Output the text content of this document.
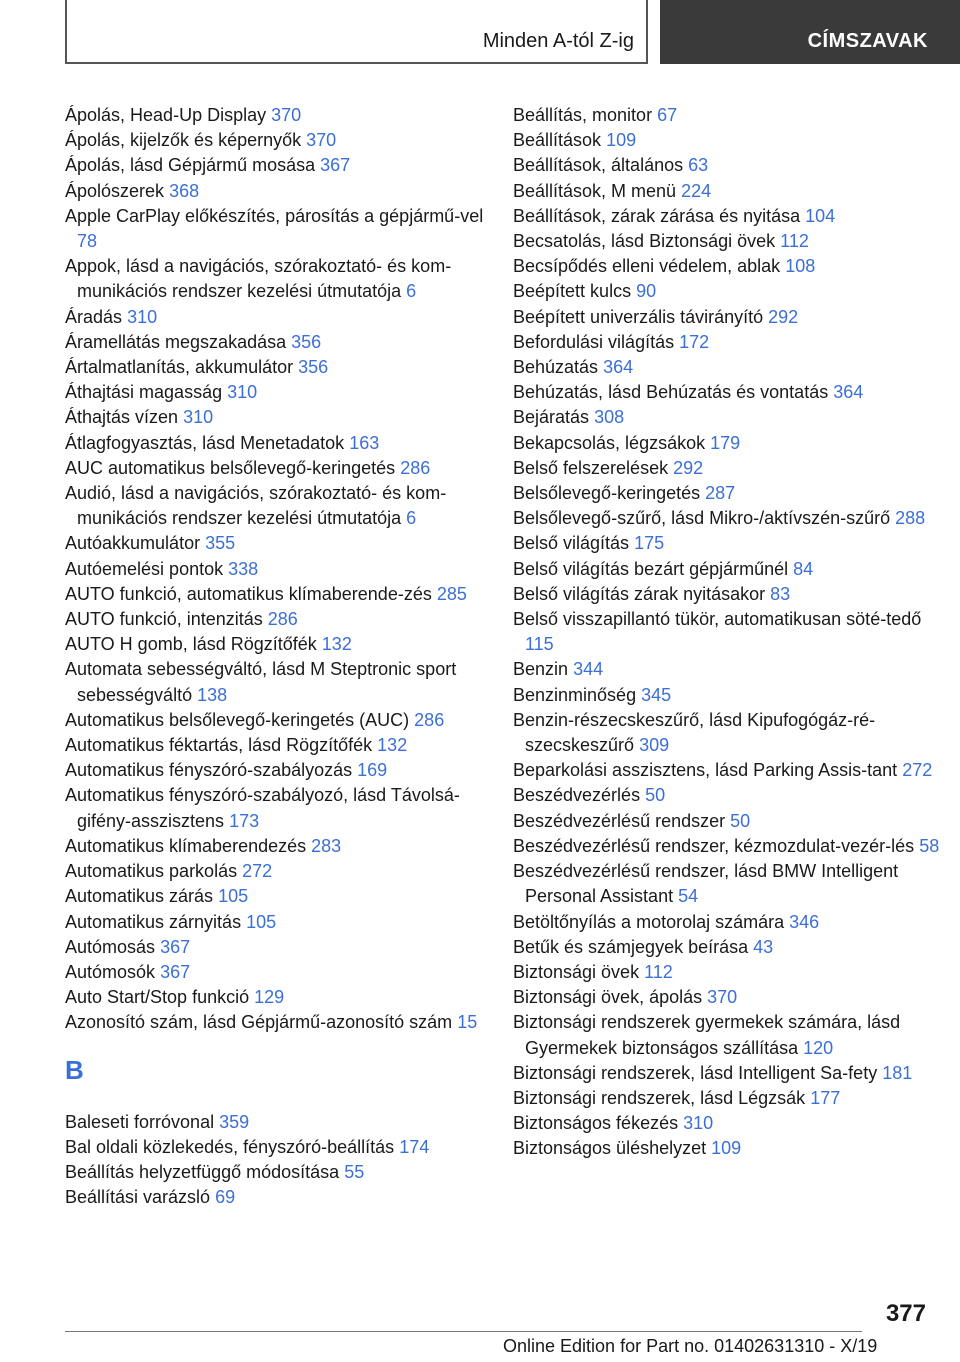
Minden A-tól Z-ig	CÍMSZAVAK
Ápolás, Head-Up Display 370
Ápolás, kijelzők és képernyők 370
Ápolás, lásd Gépjármű mosása 367
Ápolószerek 368
Apple CarPlay előkészítés, párosítás a gépjármű-vel 78
Appok, lásd a navigációs, szórakoztató- és kom-munikációs rendszer kezelési útmutatója 6
Áradás 310
Áramellátás megszakadása 356
Ártalmatlanítás, akkumulátor 356
Áthajtási magasság 310
Áthajtás vízen 310
Átlagfogyasztás, lásd Menetadatok 163
AUC automatikus belsőlevegő-keringetés 286
Audió, lásd a navigációs, szórakoztató- és kom-munikációs rendszer kezelési útmutatója 6
Autóakkumulátor 355
Autóemelési pontok 338
AUTO funkció, automatikus klímaberende-zés 285
AUTO funkció, intenzitás 286
AUTO H gomb, lásd Rögzítőfék 132
Automata sebességváltó, lásd M Steptronic sport sebességváltó 138
Automatikus belsőlevegő-keringetés (AUC) 286
Automatikus féktartás, lásd Rögzítőfék 132
Automatikus fényszóró-szabályozás 169
Automatikus fényszóró-szabályozó, lásd Távolsá-gifény-asszisztens 173
Automatikus klímaberendezés 283
Automatikus parkolás 272
Automatikus zárás 105
Automatikus zárnyitás 105
Autómosás 367
Autómosók 367
Auto Start/Stop funkció 129
Azonosító szám, lásd Gépjármű-azonosító szám 15
B
Baleseti forróvonal 359
Bal oldali közlekedés, fényszóró-beállítás 174
Beállítás helyzetfüggő módosítása 55
Beállítási varázsló 69
Beállítás, monitor 67
Beállítások 109
Beállítások, általános 63
Beállítások, M menü 224
Beállítások, zárak zárása és nyitása 104
Becsatolás, lásd Biztonsági övek 112
Becsípődés elleni védelem, ablak 108
Beépített kulcs 90
Beépített univerzális távirányító 292
Befordulási világítás 172
Behúzatás 364
Behúzatás, lásd Behúzatás és vontatás 364
Bejáratás 308
Bekapcsolás, légzsákok 179
Belső felszerelések 292
Belsőlevegő-keringetés 287
Belsőlevegő-szűrő, lásd Mikro-/aktívszén-szűrő 288
Belső világítás 175
Belső világítás bezárt gépjárműnél 84
Belső világítás zárak nyitásakor 83
Belső visszapillantó tükör, automatikusan söté-tedő 115
Benzin 344
Benzinminőség 345
Benzin-részecskeszűrő, lásd Kipufogógáz-ré-szecskeszűrő 309
Beparkolási asszisztens, lásd Parking Assis-tant 272
Beszédvezérlés 50
Beszédvezérlésű rendszer 50
Beszédvezérlésű rendszer, kézmozdulat-vezér-lés 58
Beszédvezérlésű rendszer, lásd BMW Intelligent Personal Assistant 54
Betöltőnyílás a motorolaj számára 346
Betűk és számjegyek beírása 43
Biztonsági övek 112
Biztonsági övek, ápolás 370
Biztonsági rendszerek gyermekek számára, lásd Gyermekek biztonságos szállítása 120
Biztonsági rendszerek, lásd Intelligent Sa-fety 181
Biztonsági rendszerek, lásd Légzsák 177
Biztonságos fékezés 310
Biztonságos üléshelyzet 109
377
Online Edition for Part no. 01402631310 - X/19
